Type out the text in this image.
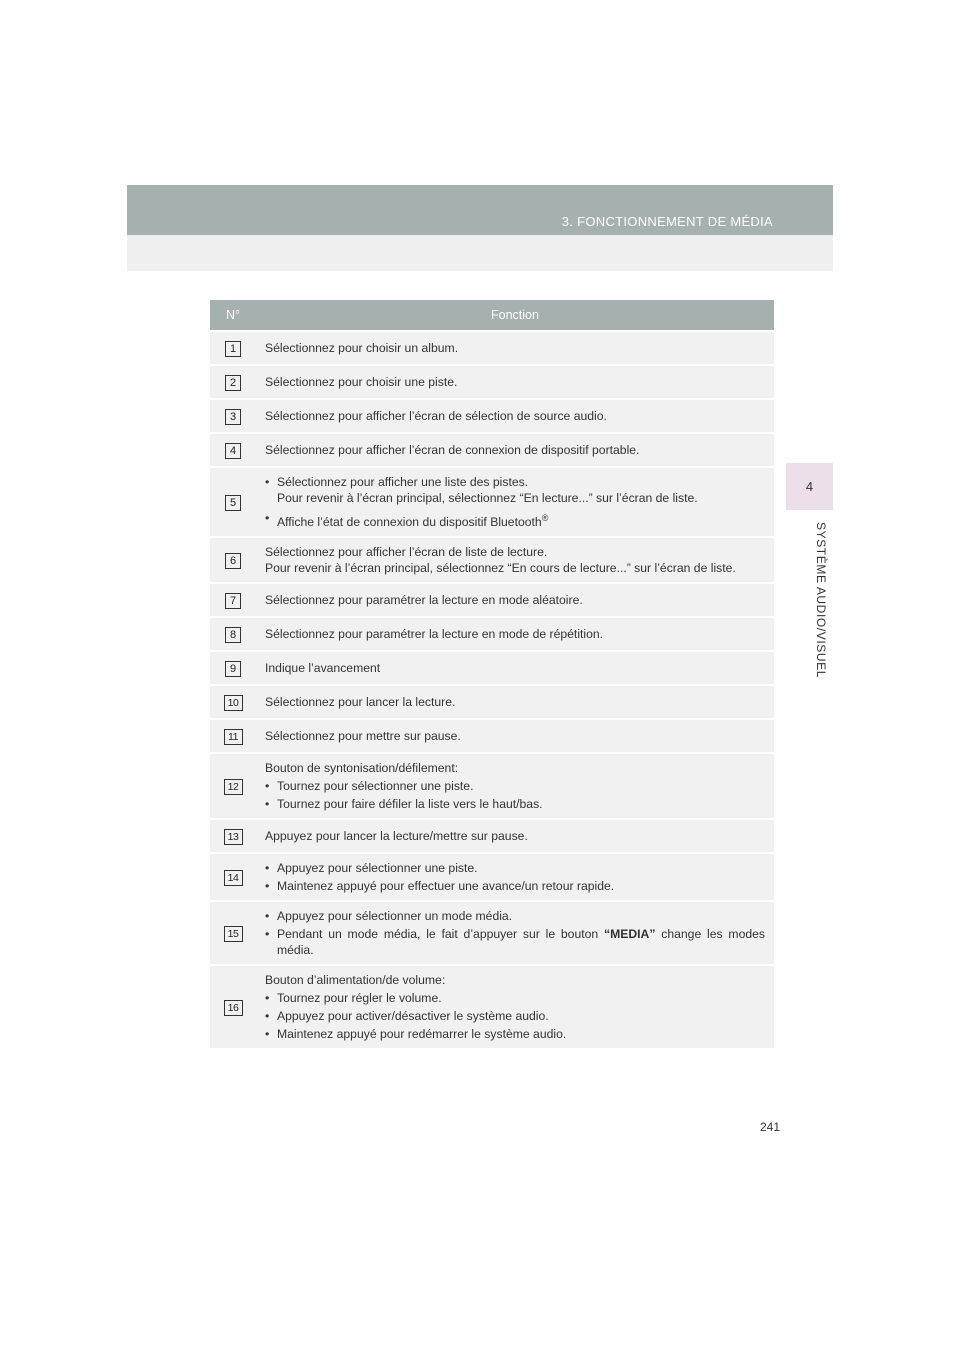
3. FONCTIONNEMENT DE MÉDIA
4
SYSTÈME AUDIO/VISUEL
N°	Fonction
1	Sélectionnez pour choisir un album.
2	Sélectionnez pour choisir une piste.
3	Sélectionnez pour afficher l’écran de sélection de source audio.
4	Sélectionnez pour afficher l’écran de connexion de dispositif portable.
5	• Sélectionnez pour afficher une liste des pistes.
Pour revenir à l’écran principal, sélectionnez “En lecture...” sur l’écran de liste.
• Affiche l’état de connexion du dispositif Bluetooth®

6	Sélectionnez pour afficher l’écran de liste de lecture.
Pour revenir à l’écran principal, sélectionnez “En cours de lecture...” sur l’écran de liste.

7	Sélectionnez pour paramétrer la lecture en mode aléatoire.
8	Sélectionnez pour paramétrer la lecture en mode de répétition.
9	Indique l’avancement
10	Sélectionnez pour lancer la lecture.
11	Sélectionnez pour mettre sur pause.
12	Bouton de syntonisation/défilement:
• Tournez pour sélectionner une piste.
• Tournez pour faire défiler la liste vers le haut/bas.

13	Appuyez pour lancer la lecture/mettre sur pause.
14	• Appuyez pour sélectionner une piste.
• Maintenez appuyé pour effectuer une avance/un retour rapide.

15	• Appuyez pour sélectionner un mode média.
• Pendant un mode média, le fait d’appuyer sur le bouton “MEDIA” change les modes média.

16	Bouton d’alimentation/de volume:
• Tournez pour régler le volume.
• Appuyez pour activer/désactiver le système audio.
• Maintenez appuyé pour redémarrer le système audio.
241
